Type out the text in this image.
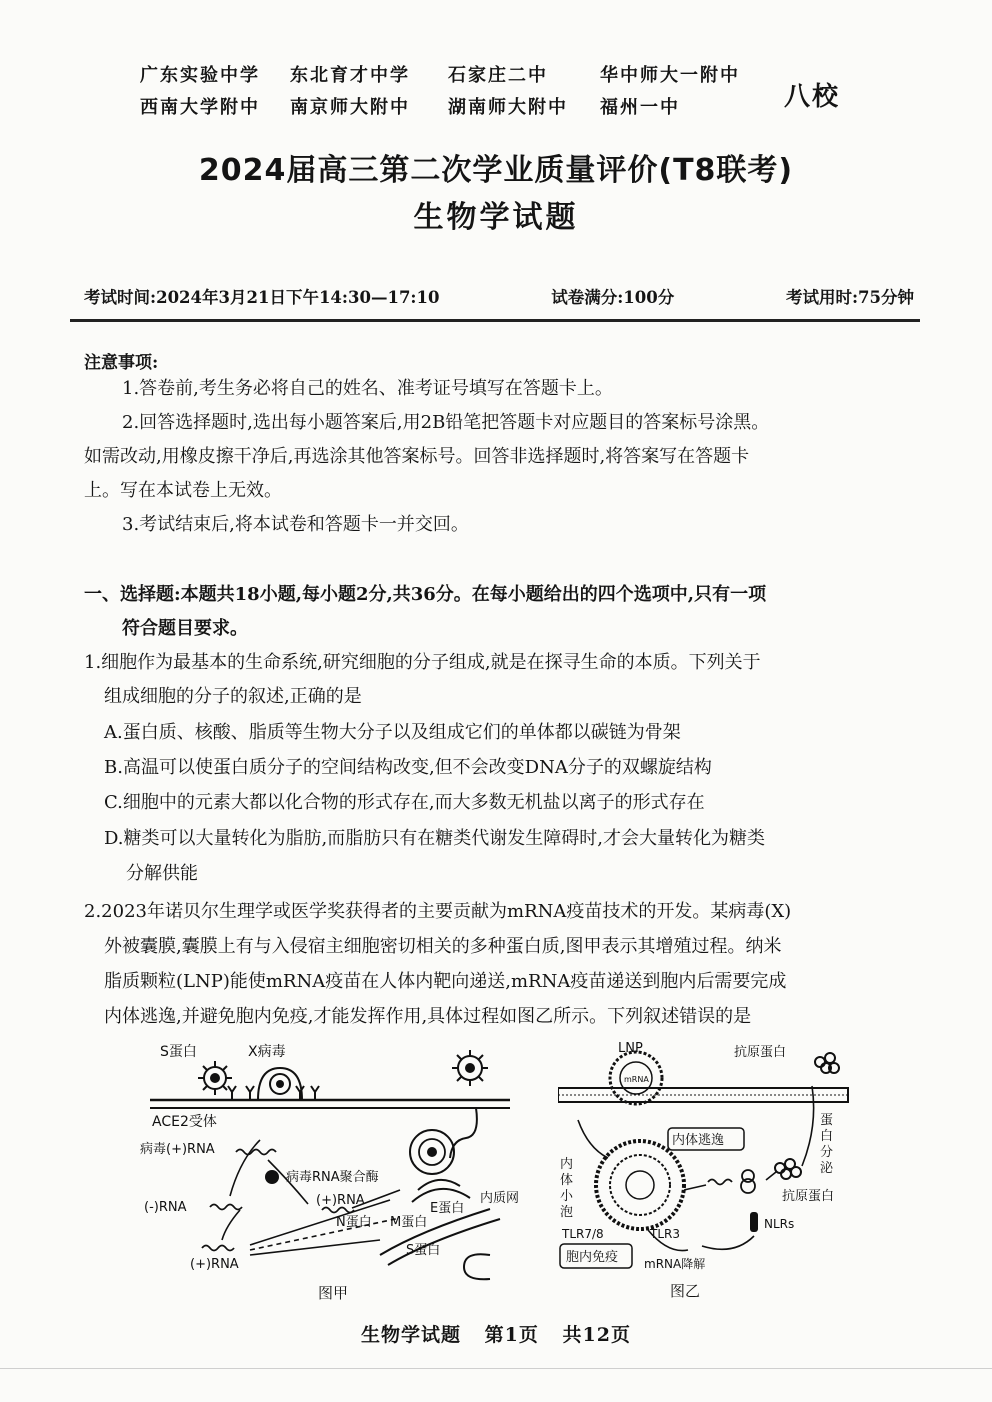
广东实验中学	东北育才中学	石家庄二中	华中师大一附中
西南大学附中	南京师大附中	湖南师大附中	福州一中	八校
2024届高三第二次学业质量评价(T8联考)
生物学试题
考试时间:2024年3月21日下午14:30—17:10	试卷满分:100分	考试用时:75分钟
注意事项:
1.答卷前,考生务必将自己的姓名、准考证号填写在答题卡上。
2.回答选择题时,选出每小题答案后,用2B铅笔把答题卡对应题目的答案标号涂黑。
如需改动,用橡皮擦干净后,再选涂其他答案标号。回答非选择题时,将答案写在答题卡
上。写在本试卷上无效。
3.考试结束后,将本试卷和答题卡一并交回。
一、选择题:本题共18小题,每小题2分,共36分。在每小题给出的四个选项中,只有一项
符合题目要求。
1.细胞作为最基本的生命系统,研究细胞的分子组成,就是在探寻生命的本质。下列关于
组成细胞的分子的叙述,正确的是
A.蛋白质、核酸、脂质等生物大分子以及组成它们的单体都以碳链为骨架
B.高温可以使蛋白质分子的空间结构改变,但不会改变DNA分子的双螺旋结构
C.细胞中的元素大都以化合物的形式存在,而大多数无机盐以离子的形式存在
D.糖类可以大量转化为脂肪,而脂肪只有在糖类代谢发生障碍时,才会大量转化为糖类
分解供能
2.2023年诺贝尔生理学或医学奖获得者的主要贡献为mRNA疫苗技术的开发。某病毒(X)
外被囊膜,囊膜上有与入侵宿主细胞密切相关的多种蛋白质,图甲表示其增殖过程。纳米
脂质颗粒(LNP)能使mRNA疫苗在人体内靶向递送,mRNA疫苗递送到胞内后需要完成
内体逃逸,并避免胞内免疫,才能发挥作用,具体过程如图乙所示。下列叙述错误的是
S蛋白	X病毒
ACE2受体
病毒(+)RNA
病毒RNA聚合酶
(-)RNA	(+)RNA
N蛋白 M蛋白
E蛋白
内质网
S蛋白
(+)RNA
图甲
LNP
mRNA
抗原蛋白
内体逃逸
蛋
白
分
泌
内
体
小
泡
抗原蛋白
TLR7/8	TLR3
NLRs
胞内免疫 mRNA降解
图乙
生物学试题 第1页 共12页
